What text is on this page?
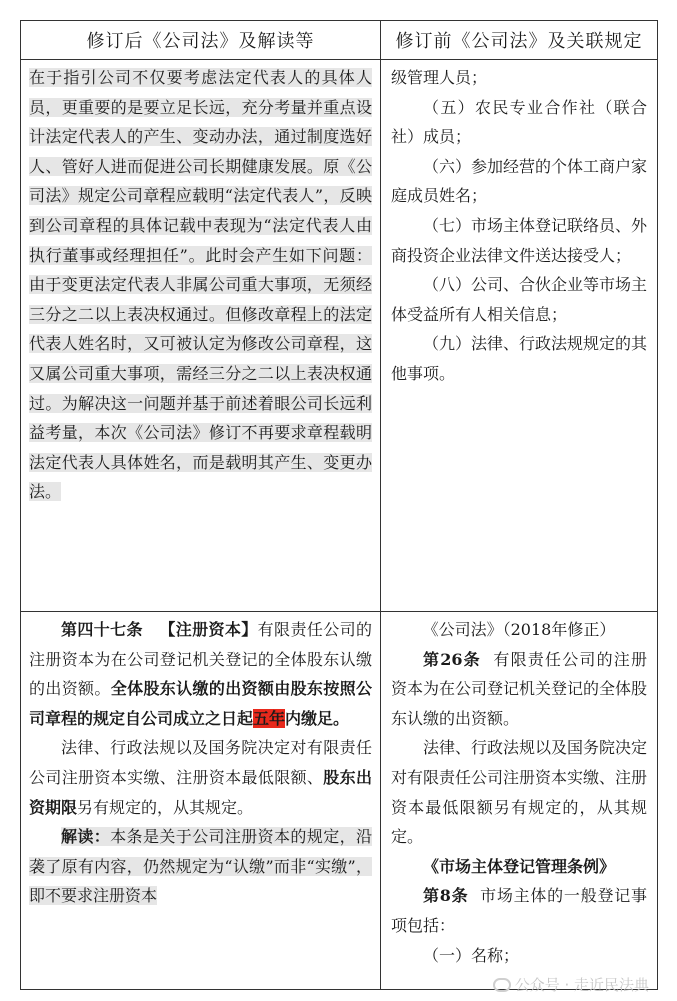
修订后《公司法》及解读等	修订前《公司法》及关联规定

在于指引公司不仅要考虑法定代表人的具体人员，更重要的是要立足长远，充分考量并重点设计法定代表人的产生、变动办法，通过制度选好人、管好人进而促进公司长期健康发展。原《公司法》规定公司章程应载明“法定代表人”，反映到公司章程的具体记载中表现为“法定代表人由执行董事或经理担任”。此时会产生如下问题：由于变更法定代表人非属公司重大事项，无须经三分之二以上表决权通过。但修改章程上的法定代表人姓名时，又可被认定为修改公司章程，这又属公司重大事项，需经三分之二以上表决权通过。为解决这一问题并基于前述着眼公司长远利益考量，本次《公司法》修订不再要求章程载明法定代表人具体姓名，而是载明其产生、变更办法。

级管理人员；

（五）农民专业合作社（联合社）成员；

（六）参加经营的个体工商户家庭成员姓名；

（七）市场主体登记联络员、外商投资企业法律文件送达接受人；

（八）公司、合伙企业等市场主体受益所有人相关信息；

（九）法律、行政法规规定的其他事项。

第四十七条 【注册资本】有限责任公司的注册资本为在公司登记机关登记的全体股东认缴的出资额。全体股东认缴的出资额由股东按照公司章程的规定自公司成立之日起五年内缴足。

法律、行政法规以及国务院决定对有限责任公司注册资本实缴、注册资本最低限额、股东出资期限另有规定的，从其规定。

解读：本条是关于公司注册资本的规定，沿袭了原有内容，仍然规定为“认缴”而非“实缴”，即不要求注册资本

《公司法》（2018年修正）

第26条 有限责任公司的注册资本为在公司登记机关登记的全体股东认缴的出资额。

法律、行政法规以及国务院决定对有限责任公司注册资本实缴、注册资本最低限额另有规定的，从其规定。

《市场主体登记管理条例》

第8条 市场主体的一般登记事项包括：

（一）名称；

公众号 · 走近民法典
